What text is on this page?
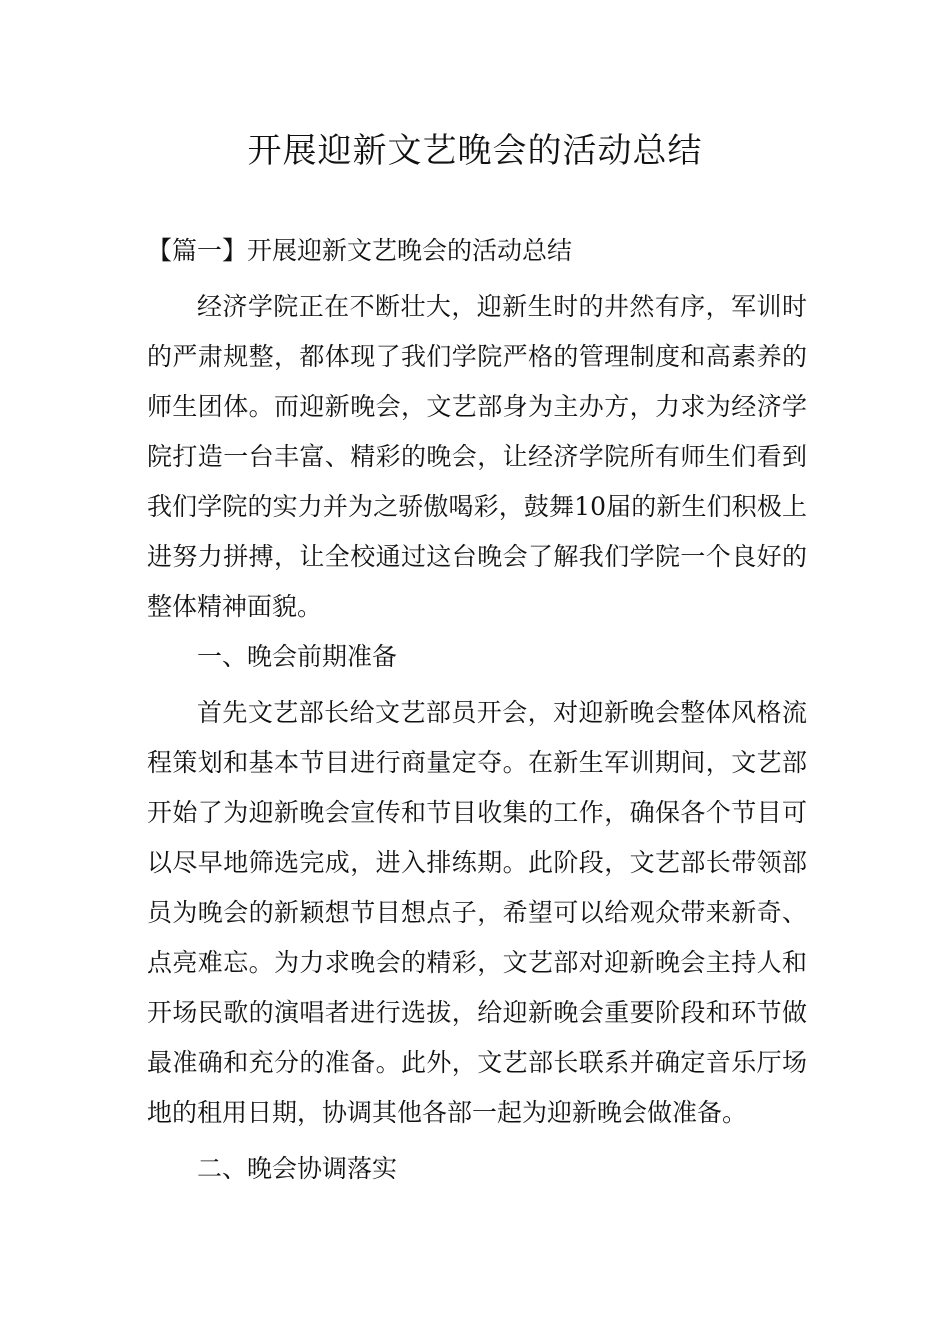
开展迎新文艺晚会的活动总结

【篇一】开展迎新文艺晚会的活动总结

经济学院正在不断壮大，迎新生时的井然有序，军训时的严肃规整，都体现了我们学院严格的管理制度和高素养的师生团体。而迎新晚会，文艺部身为主办方，力求为经济学院打造一台丰富、精彩的晚会，让经济学院所有师生们看到我们学院的实力并为之骄傲喝彩，鼓舞10届的新生们积极上进努力拼搏，让全校通过这台晚会了解我们学院一个良好的整体精神面貌。

一、晚会前期准备

首先文艺部长给文艺部员开会，对迎新晚会整体风格流程策划和基本节目进行商量定夺。在新生军训期间，文艺部开始了为迎新晚会宣传和节目收集的工作，确保各个节目可以尽早地筛选完成，进入排练期。此阶段，文艺部长带领部员为晚会的新颖想节目想点子，希望可以给观众带来新奇、点亮难忘。为力求晚会的精彩，文艺部对迎新晚会主持人和开场民歌的演唱者进行选拔，给迎新晚会重要阶段和环节做最准确和充分的准备。此外，文艺部长联系并确定音乐厅场地的租用日期，协调其他各部一起为迎新晚会做准备。

二、晚会协调落实
